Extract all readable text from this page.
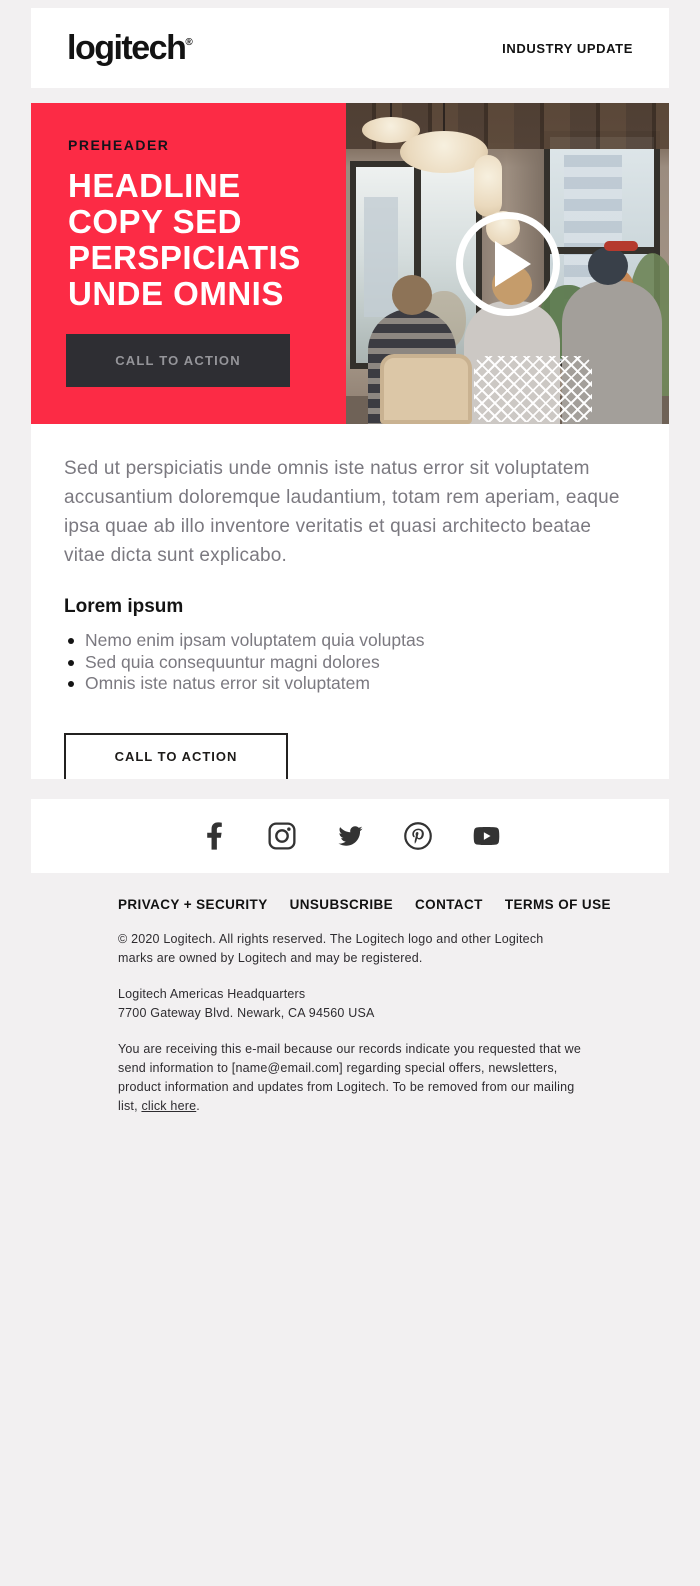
logitech®	INDUSTRY UPDATE
PREHEADER
HEADLINE
COPY SED
PERSPICIATIS
UNDE OMNIS
CALL TO ACTION
Sed ut perspiciatis unde omnis iste natus error sit voluptatem accusantium doloremque laudantium, totam rem aperiam, eaque ipsa quae ab illo inventore veritatis et quasi architecto beatae vitae dicta sunt explicabo.
Lorem ipsum
Nemo enim ipsam voluptatem quia voluptas
Sed quia consequuntur magni dolores
Omnis iste natus error sit voluptatem
CALL TO ACTION
PRIVACY + SECURITY UNSUBSCRIBE CONTACT TERMS OF USE

© 2020 Logitech. All rights reserved. The Logitech logo and other Logitech marks are owned by Logitech and may be registered.

Logitech Americas Headquarters
7700 Gateway Blvd. Newark, CA 94560 USA

You are receiving this e-mail because our records indicate you requested that we send information to [name@email.com] regarding special offers, newsletters, product information and updates from Logitech. To be removed from our mailing list, click here.
